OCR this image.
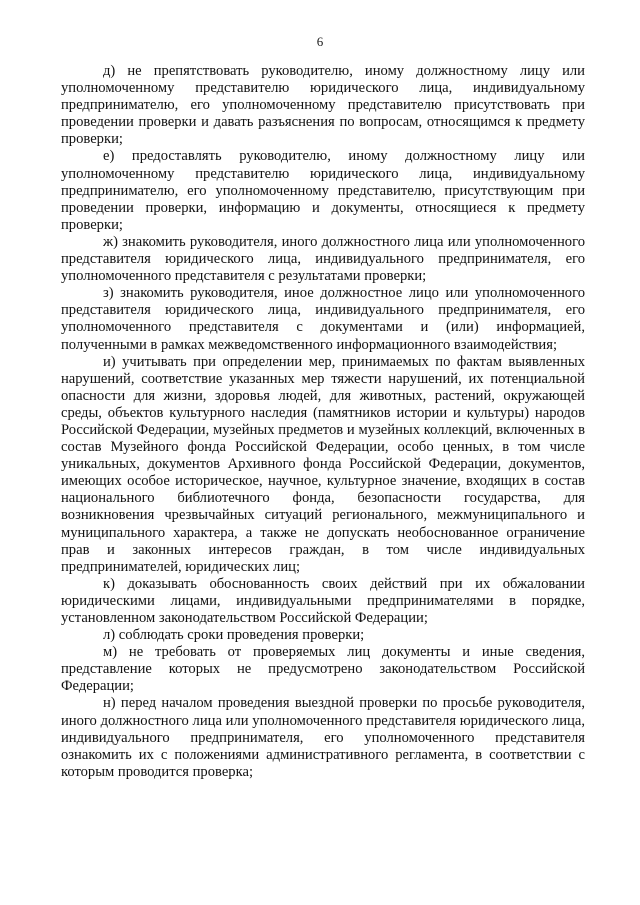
6

д) не препятствовать руководителю, иному должностному лицу или уполномоченному представителю юридического лица, индивидуальному предпринимателю, его уполномоченному представителю присутствовать при проведении проверки и давать разъяснения по вопросам, относящимся к предмету проверки;

е) предоставлять руководителю, иному должностному лицу или уполномоченному представителю юридического лица, индивидуальному предпринимателю, его уполномоченному представителю, присутствующим при проведении проверки, информацию и документы, относящиеся к предмету проверки;

ж) знакомить руководителя, иного должностного лица или уполномоченного представителя юридического лица, индивидуального предпринимателя, его уполномоченного представителя с результатами проверки;

з) знакомить руководителя, иное должностное лицо или уполномоченного представителя юридического лица, индивидуального предпринимателя, его уполномоченного представителя с документами и (или) информацией, полученными в рамках межведомственного информационного взаимодействия;

и) учитывать при определении мер, принимаемых по фактам выявленных нарушений, соответствие указанных мер тяжести нарушений, их потенциальной опасности для жизни, здоровья людей, для животных, растений, окружающей среды, объектов культурного наследия (памятников истории и культуры) народов Российской Федерации, музейных предметов и музейных коллекций, включенных в состав Музейного фонда Российской Федерации, особо ценных, в том числе уникальных, документов Архивного фонда Российской Федерации, документов, имеющих особое историческое, научное, культурное значение, входящих в состав национального библиотечного фонда, безопасности государства, для возникновения чрезвычайных ситуаций регионального, межмуниципального и муниципального характера, а также не допускать необоснованное ограничение прав и законных интересов граждан, в том числе индивидуальных предпринимателей, юридических лиц;

к) доказывать обоснованность своих действий при их обжаловании юридическими лицами, индивидуальными предпринимателями в порядке, установленном законодательством Российской Федерации;

л) соблюдать сроки проведения проверки;

м) не требовать от проверяемых лиц документы и иные сведения, представление которых не предусмотрено законодательством Российской Федерации;

н) перед началом проведения выездной проверки по просьбе руководителя, иного должностного лица или уполномоченного представителя юридического лица, индивидуального предпринимателя, его уполномоченного представителя ознакомить их с положениями административного регламента, в соответствии с которым проводится проверка;
